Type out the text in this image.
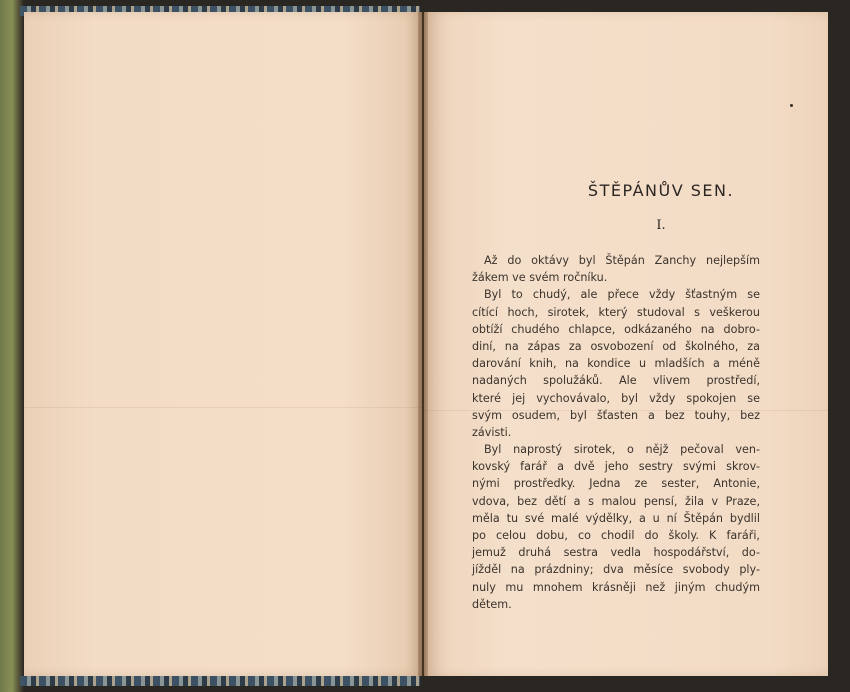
ŠTĚPÁNŮV SEN.
I.
Až do oktávy byl Štěpán Zanchy nejlepším
žákem ve svém ročníku.
Byl to chudý, ale přece vždy šťastným se
cítící hoch, sirotek, který studoval s veškerou
obtíží chudého chlapce, odkázaného na dobro-
diní, na zápas za osvobození od školného, za
darování knih, na kondice u mladších a méně
nadaných spolužáků. Ale vlivem prostředí,
které jej vychovávalo, byl vždy spokojen se
svým osudem, byl šťasten a bez touhy, bez
závisti.
Byl naprostý sirotek, o nějž pečoval ven-
kovský farář a dvě jeho sestry svými skrov-
nými prostředky. Jedna ze sester, Antonie,
vdova, bez dětí a s malou pensí, žila v Praze,
měla tu své malé výdělky, a u ní Štěpán bydlil
po celou dobu, co chodil do školy. K faráři,
jemuž druhá sestra vedla hospodářství, do-
jížděl na prázdniny; dva měsíce svobody ply-
nuly mu mnohem krásněji než jiným chudým
dětem.
